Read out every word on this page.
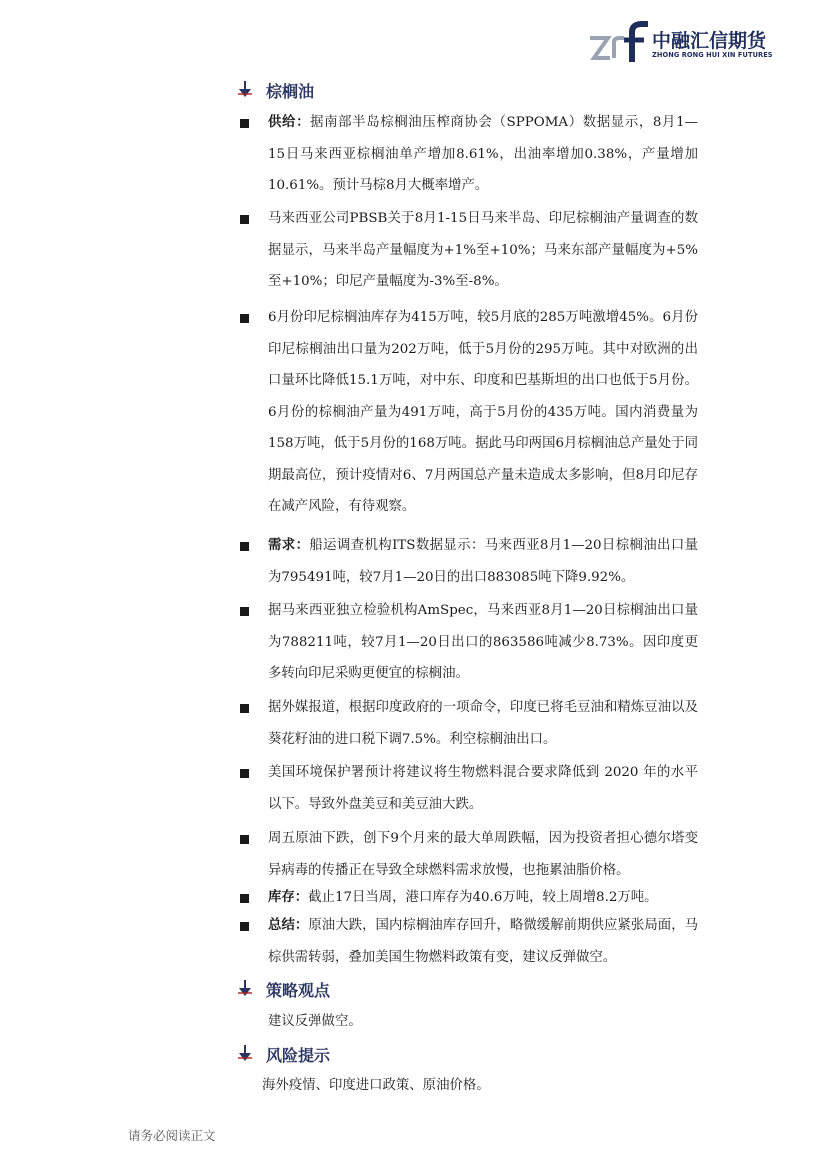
中融汇信期货
ZHONG RONG HUI XIN FUTURES
棕榈油
供给：据南部半岛棕榈油压榨商协会（SPPOMA）数据显示，8月1—15日马来西亚棕榈油单产增加8.61%，出油率增加0.38%，产量增加10.61%。预计马棕8月大概率增产。
马来西亚公司PBSB关于8月1-15日马来半岛、印尼棕榈油产量调查的数据显示，马来半岛产量幅度为+1%至+10%；马来东部产量幅度为+5%至+10%；印尼产量幅度为-3%至-8%。
6月份印尼棕榈油库存为415万吨，较5月底的285万吨激增45%。6月份印尼棕榈油出口量为202万吨，低于5月份的295万吨。其中对欧洲的出口量环比降低15.1万吨，对中东、印度和巴基斯坦的出口也低于5月份。6月份的棕榈油产量为491万吨，高于5月份的435万吨。国内消费量为158万吨，低于5月份的168万吨。据此马印两国6月棕榈油总产量处于同期最高位，预计疫情对6、7月两国总产量未造成太多影响，但8月印尼存在减产风险，有待观察。
需求：船运调查机构ITS数据显示：马来西亚8月1—20日棕榈油出口量为795491吨，较7月1—20日的出口883085吨下降9.92%。
据马来西亚独立检验机构AmSpec，马来西亚8月1—20日棕榈油出口量为788211吨，较7月1—20日出口的863586吨减少8.73%。因印度更多转向印尼采购更便宜的棕榈油。
据外媒报道，根据印度政府的一项命令，印度已将毛豆油和精炼豆油以及葵花籽油的进口税下调7.5%。利空棕榈油出口。
美国环境保护署预计将建议将生物燃料混合要求降低到 2020 年的水平以下。导致外盘美豆和美豆油大跌。
周五原油下跌，创下9个月来的最大单周跌幅，因为投资者担心德尔塔变异病毒的传播正在导致全球燃料需求放慢，也拖累油脂价格。
库存：截止17日当周，港口库存为40.6万吨，较上周增8.2万吨。
总结：原油大跌，国内棕榈油库存回升，略微缓解前期供应紧张局面，马棕供需转弱，叠加美国生物燃料政策有变，建议反弹做空。
策略观点
建议反弹做空。
风险提示
海外疫情、印度进口政策、原油价格。
请务必阅读正文
